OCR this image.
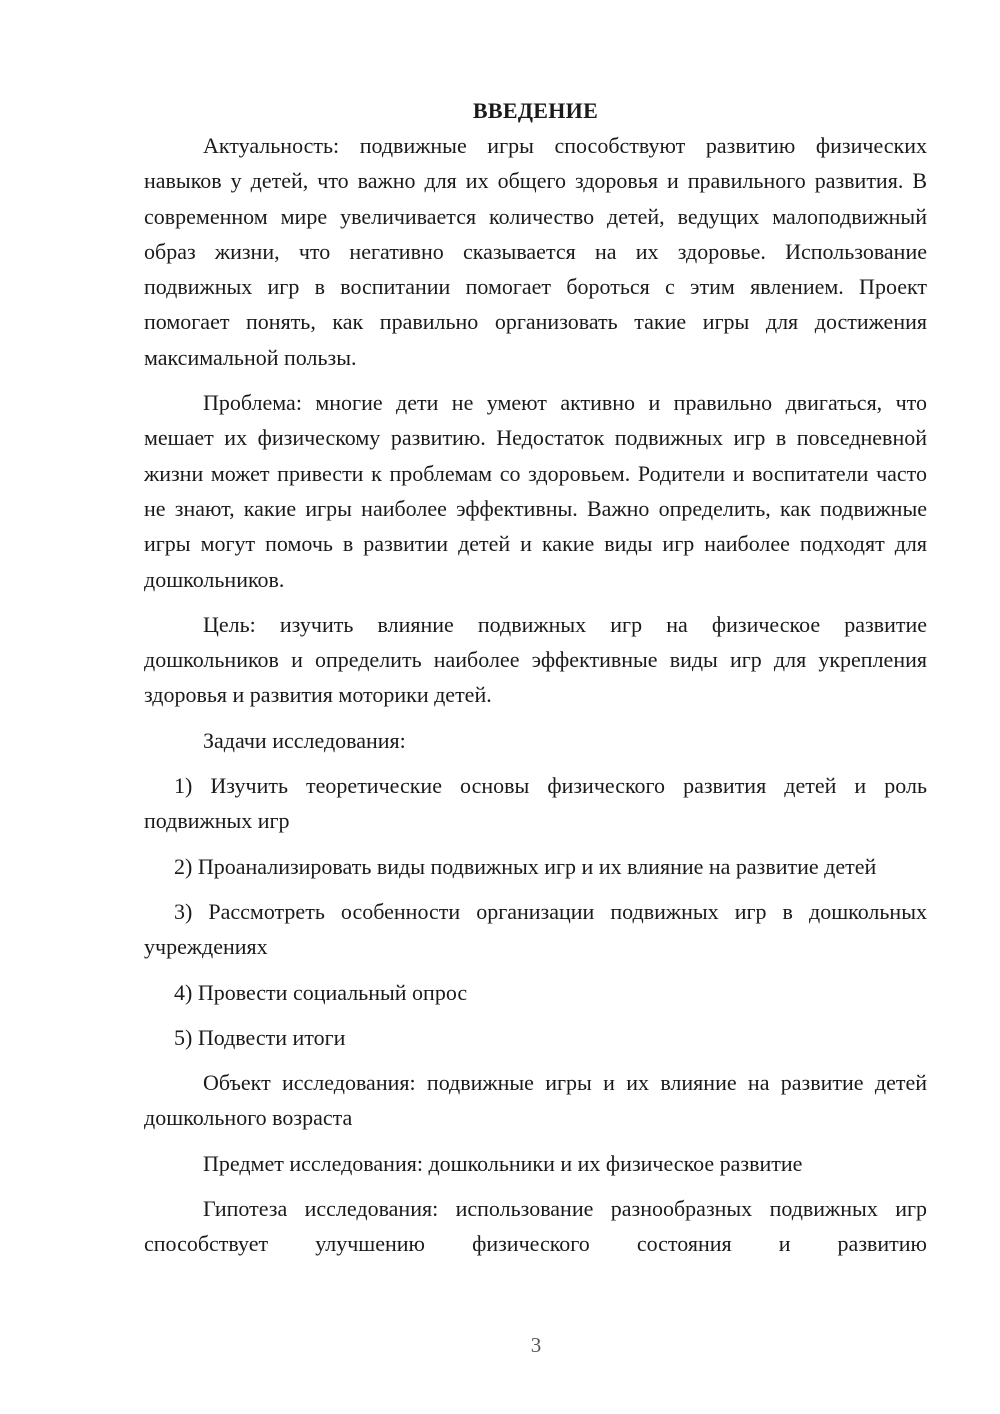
ВВЕДЕНИЕ

Актуальность: подвижные игры способствуют развитию физических навыков у детей, что важно для их общего здоровья и правильного развития. В современном мире увеличивается количество детей, ведущих малоподвижный образ жизни, что негативно сказывается на их здоровье. Использование подвижных игр в воспитании помогает бороться с этим явлением. Проект помогает понять, как правильно организовать такие игры для достижения максимальной пользы.

Проблема: многие дети не умеют активно и правильно двигаться, что мешает их физическому развитию. Недостаток подвижных игр в повседневной жизни может привести к проблемам со здоровьем. Родители и воспитатели часто не знают, какие игры наиболее эффективны. Важно определить, как подвижные игры могут помочь в развитии детей и какие виды игр наиболее подходят для дошкольников.

Цель: изучить влияние подвижных игр на физическое развитие дошкольников и определить наиболее эффективные виды игр для укрепления здоровья и развития моторики детей.

Задачи исследования:

1) Изучить теоретические основы физического развития детей и роль подвижных игр

2) Проанализировать виды подвижных игр и их влияние на развитие детей

3) Рассмотреть особенности организации подвижных игр в дошкольных учреждениях

4) Провести социальный опрос

5) Подвести итоги

Объект исследования: подвижные игры и их влияние на развитие детей дошкольного возраста

Предмет исследования: дошкольники и их физическое развитие

Гипотеза исследования: использование разнообразных подвижных игр способствует улучшению физического состояния и развитию

3
